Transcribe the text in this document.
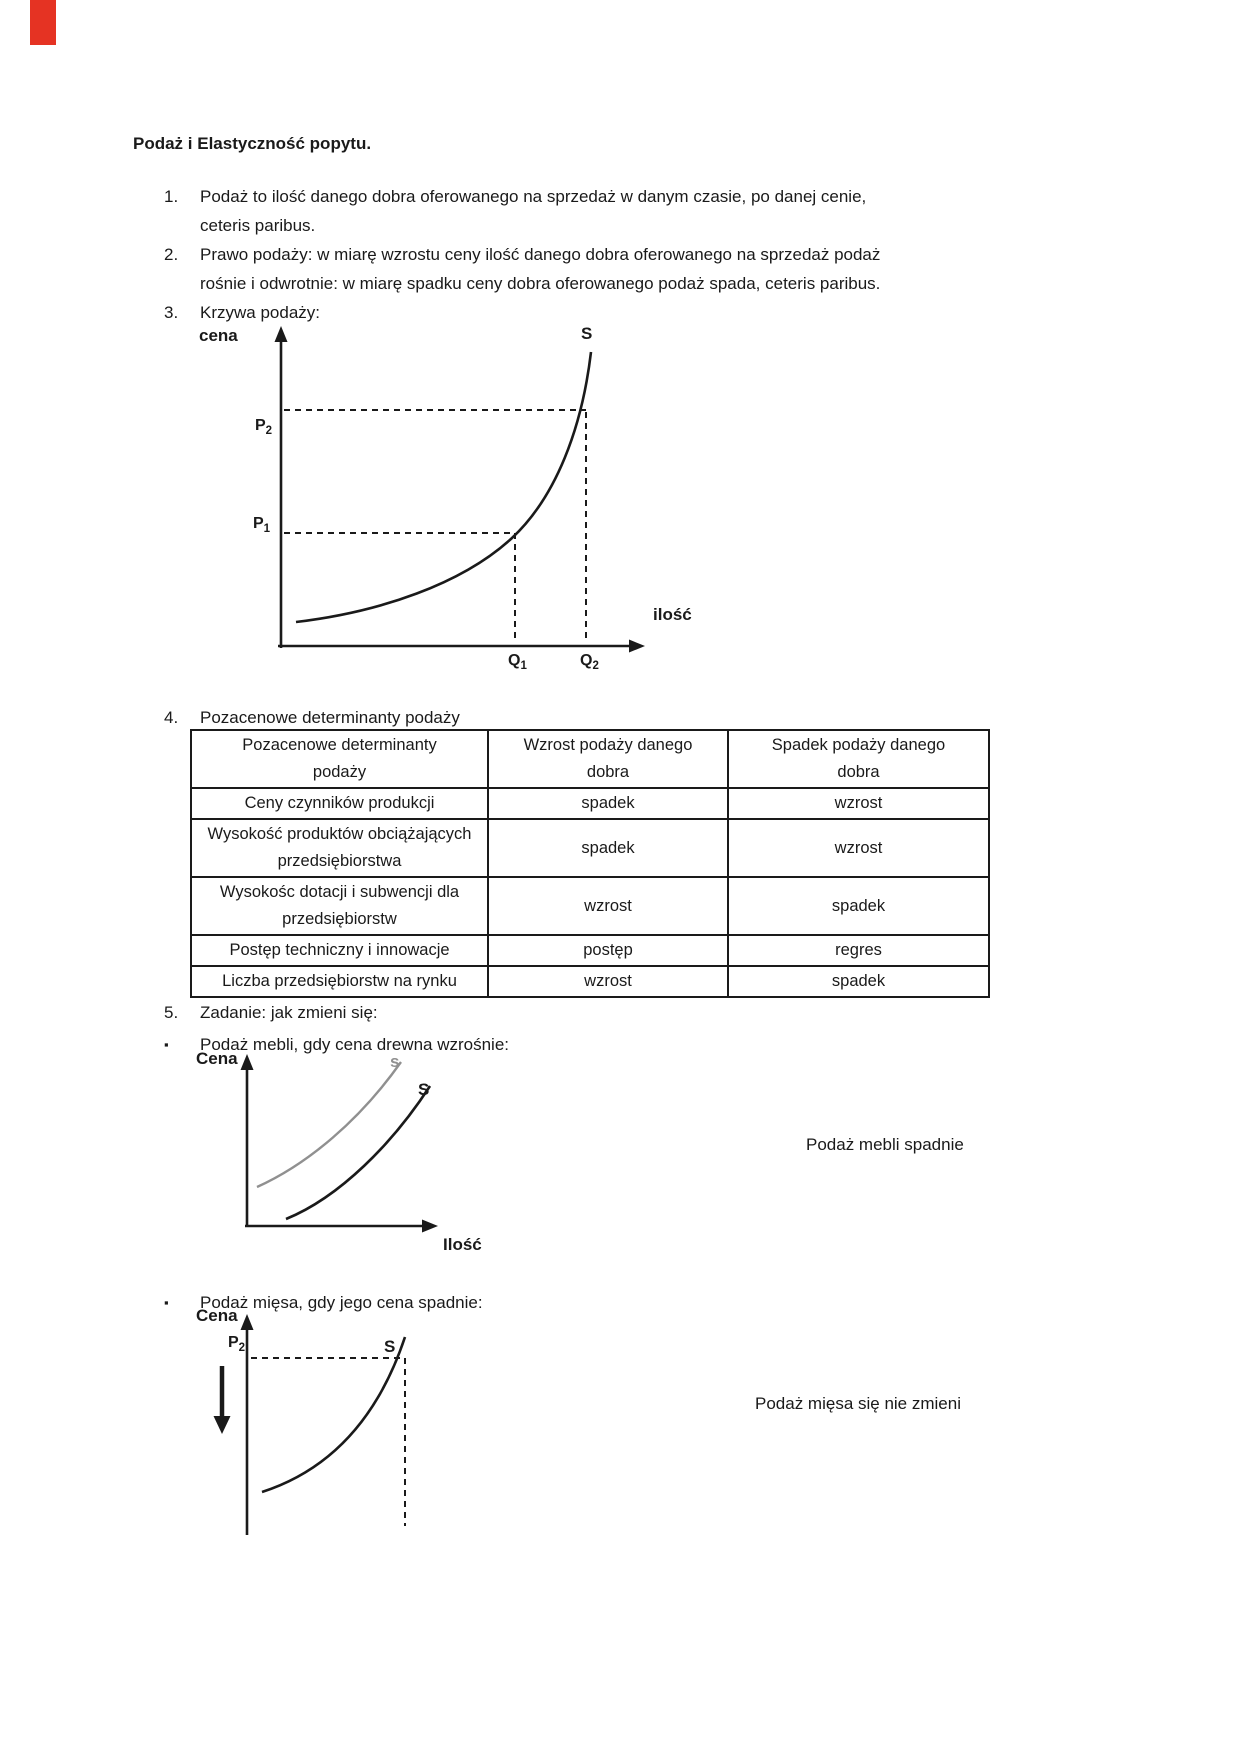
Podaż i Elastyczność popytu.
1.	Podaż to ilość danego dobra oferowanego na sprzedaż w danym czasie, po danej cenie, ceteris paribus.
2.	Prawo podaży: w miarę wzrostu ceny ilość danego dobra oferowanego na sprzedaż podaż rośnie i odwrotnie: w miarę spadku ceny dobra oferowanego podaż spada, ceteris paribus.
3.	Krzywa podaży:
cena	S
$P_2$
$P_1$
$Q_1$	$Q_2$
ilość
4.	Pozacenowe determinanty podaży
Pozacenowe determinanty podaży	Wzrost podaży danego dobra	Spadek podaży danego dobra
Ceny czynników produkcji	spadek	wzrost
Wysokość produktów obciążających przedsiębiorstwa	spadek	wzrost
Wysokośc dotacji i subwencji dla przedsiębiorstw	wzrost	spadek
Postęp techniczny i innowacje	postęp	regres
Liczba przedsiębiorstw na rynku	wzrost	spadek
5.	Zadanie: jak zmieni się:
▪	Podaż mebli, gdy cena drewna wzrośnie:
Cena	s
S
Ilość
Podaż mebli spadnie
▪	Podaż mięsa, gdy jego cena spadnie:
Cena
$P_2$	S
Podaż mięsa się nie zmieni
